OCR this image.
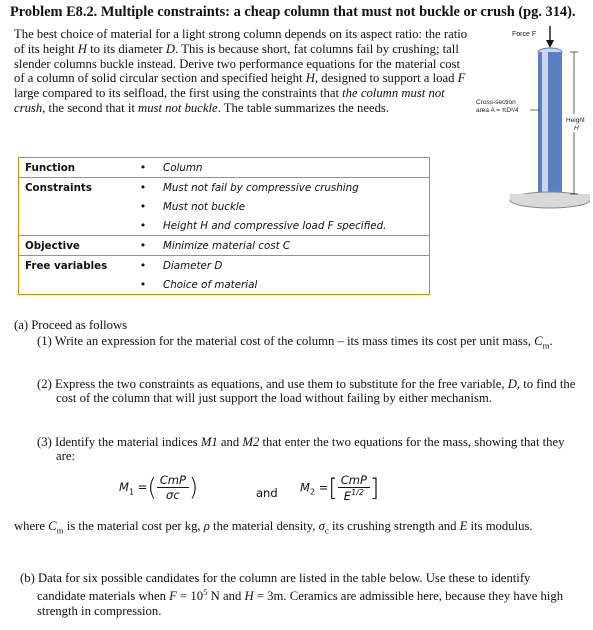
Problem E8.2. Multiple constraints: a cheap column that must not buckle or crush (pg. 314).

The best choice of material for a light strong column depends on its aspect ratio: the ratio of its height H to its diameter D. This is because short, fat columns fail by crushing; tall slender columns buckle instead. Derive two performance equations for the material cost of a column of solid circular section and specified height H, designed to support a load F large compared to its selfload, the first using the constraints that the column must not crush, the second that it must not buckle. The table summarizes the needs.

Force F
Cross-section
area A = πD²/4
Height
H
Function	•	Column
Constraints	•	Must not fail by compressive crushing
	•	Must not buckle
	•	Height H and compressive load F specified.
Objective	•	Minimize material cost C
Free variables	•	Diameter D
	•	Choice of material
(a) Proceed as follows

(1) Write an expression for the material cost of the column – its mass times its cost per unit mass, $C_m$.

(2) Express the two constraints as equations, and use them to substitute for the free variable, D, to find the cost of the column that will just support the load without failing by either mechanism.

(3) Identify the material indices M1 and M2 that enter the two equations for the mass, showing that they are:

$M_1$ =( $\frac{\text{CmP}}{\sigma c}$ )	and $M_2$ =[ $\frac{\text{CmP}}{E^{1/2}}$ ]
where $C_m$ is the material cost per kg, ρ the material density, $\sigma_c$ its crushing strength and E its modulus.

(b) Data for six possible candidates for the column are listed in the table below. Use these to identify candidate materials when $F = 10^5$ N and H = 3m. Ceramics are admissible here, because they have high strength in compression.
